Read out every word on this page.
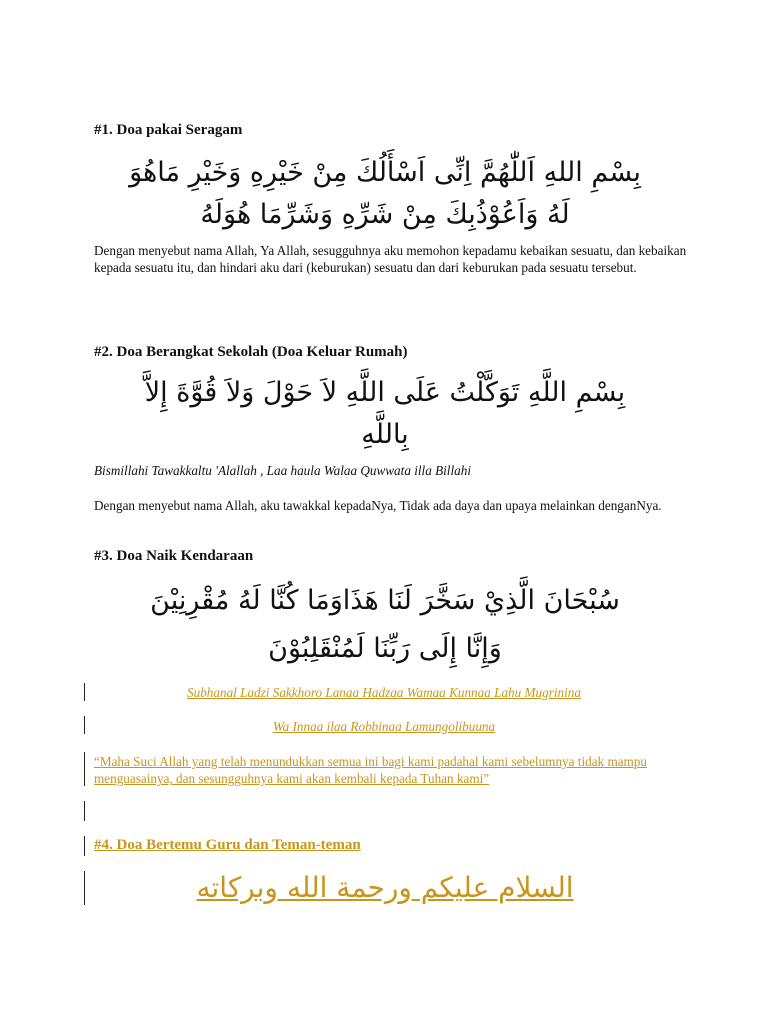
#1. Doa pakai Seragam
بِسْمِ اللهِ اَللّٰهُمَّ اِنِّى اَسْأَلُكَ مِنْ خَيْرِهِ وَخَيْرِ مَاهُوَ
لَهُ وَاَعُوْذُبِكَ مِنْ شَرِّهِ وَشَرِّمَا هُوَلَهُ

Dengan menyebut nama Allah, Ya Allah, sesugguhnya aku memohon kepadamu kebaikan sesuatu, dan kebaikan kepada sesuatu itu, dan hindari aku dari (keburukan) sesuatu dan dari keburukan pada sesuatu tersebut.

#2. Doa Berangkat Sekolah (Doa Keluar Rumah)
بِسْمِ اللَّهِ تَوَكَّلْتُ عَلَى اللَّهِ لاَ حَوْلَ وَلاَ قُوَّةَ إِلاَّ
بِاللَّهِ

Bismillahi Tawakkaltu 'Alallah , Laa haula Walaa Quwwata illa Billahi

Dengan menyebut nama Allah, aku tawakkal kepadaNya, Tidak ada daya dan upaya melainkan denganNya.

#3. Doa Naik Kendaraan
سُبْحَانَ الَّذِيْ سَخَّرَ لَنَا هَذَاوَمَا كُنَّا لَهُ مُقْرِنِيْنَ
وَإِنَّا إِلَى رَبِّنَا لَمُنْقَلِبُوْنَ

Subhanal Ladzi Sakkhoro Lanaa Hadzaa Wamaa Kunnaa Lahu Mugrinina

Wa Innaa ilaa Robbinaa Lamungolibuuna

“Maha Suci Allah yang telah menundukkan semua ini bagi kami padahal kami sebelumnya tidak mampu menguasainya, dan sesungguhnya kami akan kembali kepada Tuhan kami”

#4. Doa Bertemu Guru dan Teman-teman
السلام عليكم ورحمة الله وبركاته
